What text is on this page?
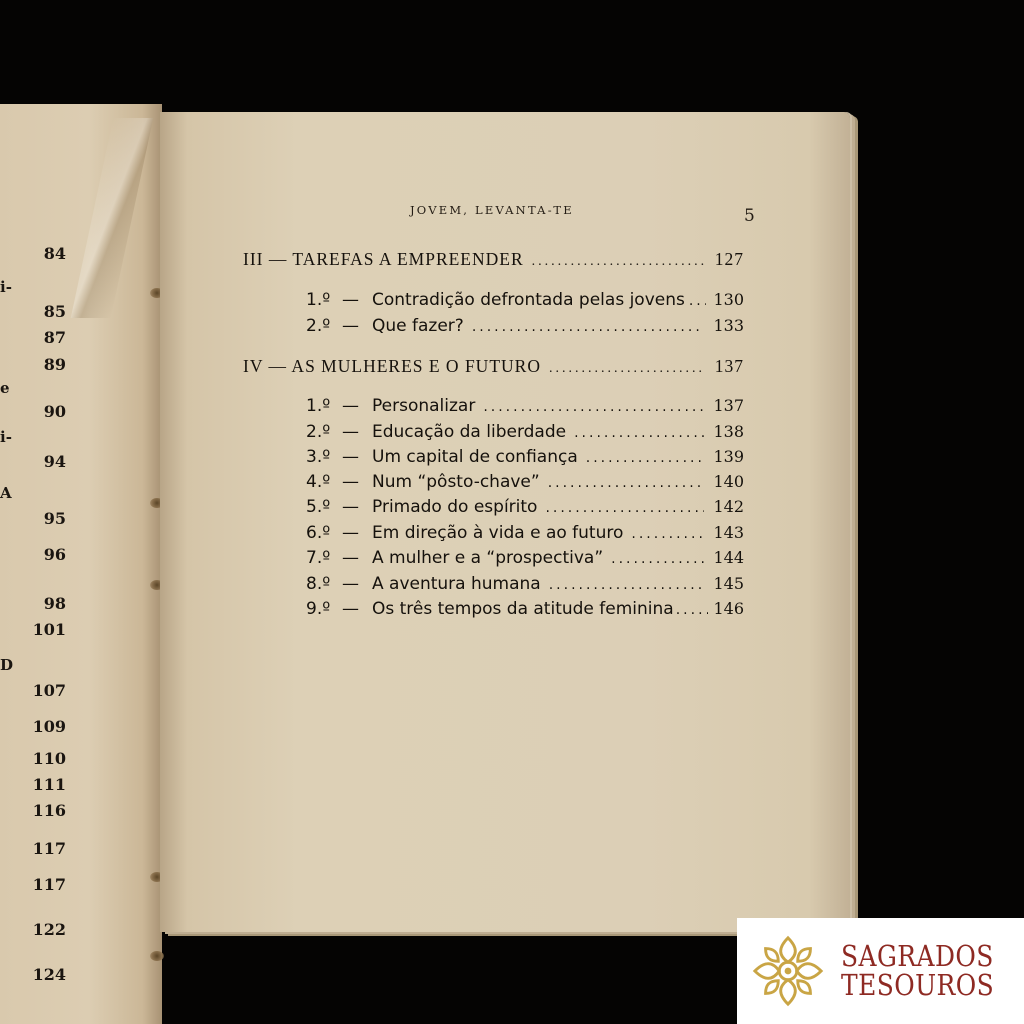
84
i-
85
87
89
e
90
i-
94
A
95
96
98
101
D
107
109
110
111
116
117
117
122
124
JOVEM, LEVANTA-TE	5
III — TAREFAS A EMPREENDER .....	127
1.º — Contradição defrontada pelas jovens ..... 130
2.º — Que fazer? .....	133
IV — AS MULHERES E O FUTURO .....	137
1.º — Personalizar .....	137
2.º — Educação da liberdade .....	138
3.º — Um capital de confiança .....	139
4.º — Num “pôsto-chave” .....	140
5.º — Primado do espírito .....	142
6.º — Em direção à vida e ao futuro .....	143
7.º — A mulher e a “prospectiva” .....	144
8.º — A aventura humana .....	145
9.º — Os três tempos da atitude feminina ..... 146
SAGRADOS
TESOUROS
